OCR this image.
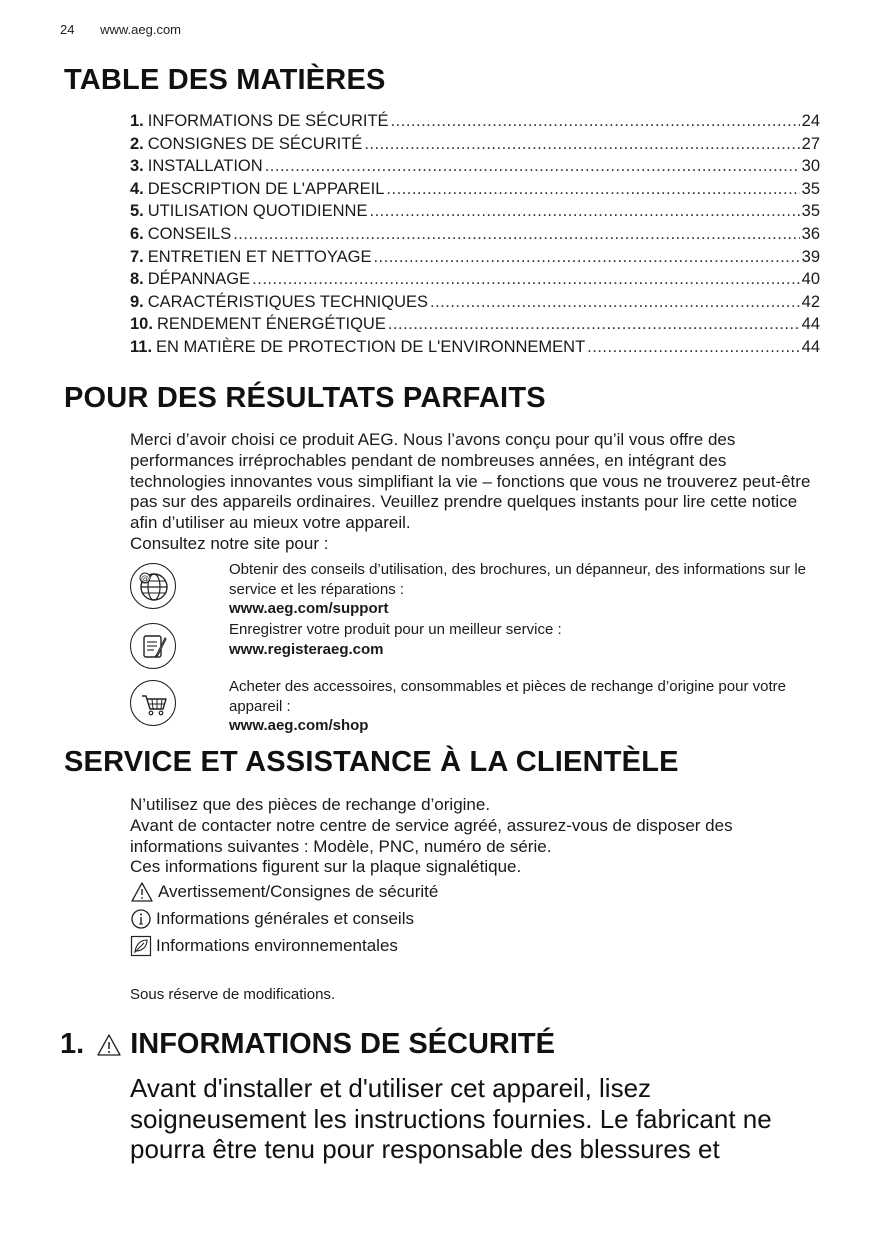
24 www.aeg.com
TABLE DES MATIÈRES
1. INFORMATIONS DE SÉCURITÉ .....	24
2. CONSIGNES DE SÉCURITÉ .....	27
3. INSTALLATION .....	30
4. DESCRIPTION DE L'APPAREIL .....	35
5. UTILISATION QUOTIDIENNE .....	35
6. CONSEILS .....	36
7. ENTRETIEN ET NETTOYAGE .....	39
8. DÉPANNAGE .....	40
9. CARACTÉRISTIQUES TECHNIQUES .....	42
10. RENDEMENT ÉNERGÉTIQUE .....	44
11. EN MATIÈRE DE PROTECTION DE L'ENVIRONNEMENT .....	44
POUR DES RÉSULTATS PARFAITS

Merci d’avoir choisi ce produit AEG. Nous l’avons conçu pour qu’il vous offre des performances irréprochables pendant de nombreuses années, en intégrant des technologies innovantes vous simplifiant la vie – fonctions que vous ne trouverez peut-être pas sur des appareils ordinaires. Veuillez prendre quelques instants pour lire cette notice afin d’utiliser au mieux votre appareil.

Consultez notre site pour :

@
Obtenir des conseils d’utilisation, des brochures, un dépanneur, des informations sur le service et les réparations :
www.aeg.com/support
Enregistrer votre produit pour un meilleur service :
www.registeraeg.com
Acheter des accessoires, consommables et pièces de rechange d’origine pour votre appareil :
www.aeg.com/shop
SERVICE ET ASSISTANCE À LA CLIENTÈLE

N’utilisez que des pièces de rechange d’origine.

Avant de contacter notre centre de service agréé, assurez-vous de disposer des informations suivantes : Modèle, PNC, numéro de série.

Ces informations figurent sur la plaque signalétique.

Avertissement/Consignes de sécurité
Informations générales et conseils
Informations environnementales
Sous réserve de modifications.
1. INFORMATIONS DE SÉCURITÉ
Avant d'installer et d'utiliser cet appareil, lisez soigneusement les instructions fournies. Le fabricant ne pourra être tenu pour responsable des blessures et
